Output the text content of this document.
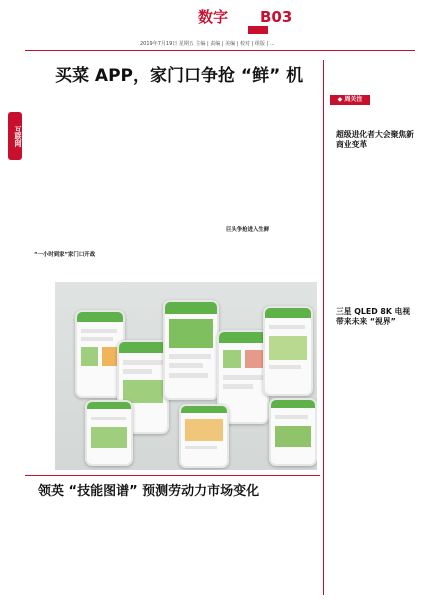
数字	B03
2019年7月19日 星期五 主编 | 责编 | 美编 | 校对 | 组版 | ...
互联网
买菜 APP，家门口争抢 “鲜” 机
“一小时到家”家门口开战
巨头争抢进入生鲜
领英 “技能图谱” 预测劳动力市场变化
◆ 周关注
超级进化者大会聚焦新商业变革
三星 QLED 8K 电视带来未来 “视界”
